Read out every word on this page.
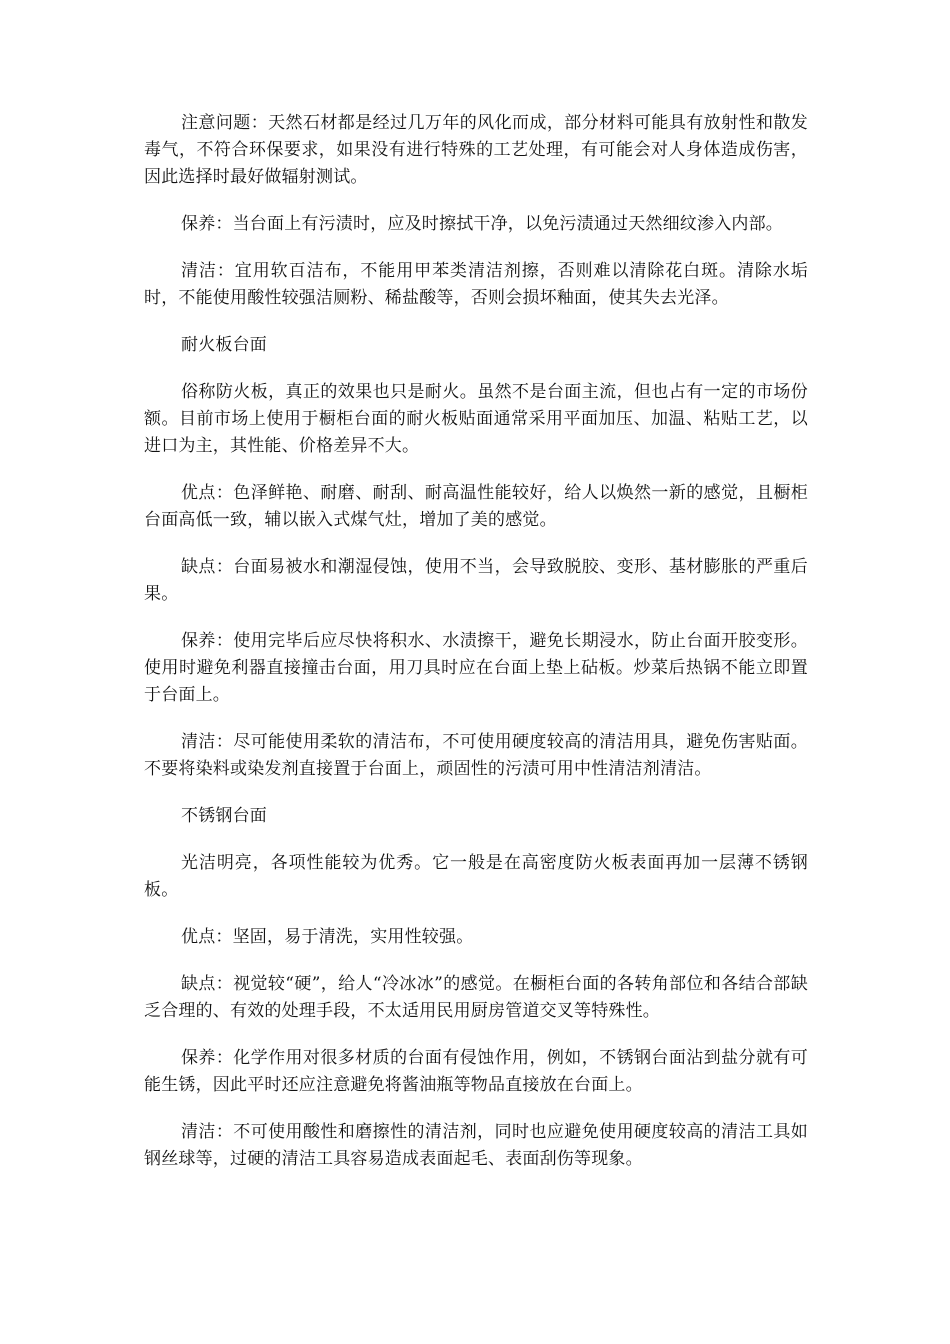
注意问题：天然石材都是经过几万年的风化而成，部分材料可能具有放射性和散发毒气，不符合环保要求，如果没有进行特殊的工艺处理，有可能会对人身体造成伤害，因此选择时最好做辐射测试。

保养：当台面上有污渍时，应及时擦拭干净，以免污渍通过天然细纹渗入内部。

清洁：宜用软百洁布，不能用甲苯类清洁剂擦，否则难以清除花白斑。清除水垢时，不能使用酸性较强洁厕粉、稀盐酸等，否则会损坏釉面，使其失去光泽。

耐火板台面

俗称防火板，真正的效果也只是耐火。虽然不是台面主流，但也占有一定的市场份额。目前市场上使用于橱柜台面的耐火板贴面通常采用平面加压、加温、粘贴工艺，以进口为主，其性能、价格差异不大。

优点：色泽鲜艳、耐磨、耐刮、耐高温性能较好，给人以焕然一新的感觉，且橱柜台面高低一致，辅以嵌入式煤气灶，增加了美的感觉。

缺点：台面易被水和潮湿侵蚀，使用不当，会导致脱胶、变形、基材膨胀的严重后果。

保养：使用完毕后应尽快将积水、水渍擦干，避免长期浸水，防止台面开胶变形。使用时避免利器直接撞击台面，用刀具时应在台面上垫上砧板。炒菜后热锅不能立即置于台面上。

清洁：尽可能使用柔软的清洁布，不可使用硬度较高的清洁用具，避免伤害贴面。不要将染料或染发剂直接置于台面上，顽固性的污渍可用中性清洁剂清洁。

不锈钢台面

光洁明亮，各项性能较为优秀。它一般是在高密度防火板表面再加一层薄不锈钢板。

优点：坚固，易于清洗，实用性较强。

缺点：视觉较“硬”，给人“冷冰冰”的感觉。在橱柜台面的各转角部位和各结合部缺乏合理的、有效的处理手段，不太适用民用厨房管道交叉等特殊性。

保养：化学作用对很多材质的台面有侵蚀作用，例如，不锈钢台面沾到盐分就有可能生锈，因此平时还应注意避免将酱油瓶等物品直接放在台面上。

清洁：不可使用酸性和磨擦性的清洁剂，同时也应避免使用硬度较高的清洁工具如钢丝球等，过硬的清洁工具容易造成表面起毛、表面刮伤等现象。
